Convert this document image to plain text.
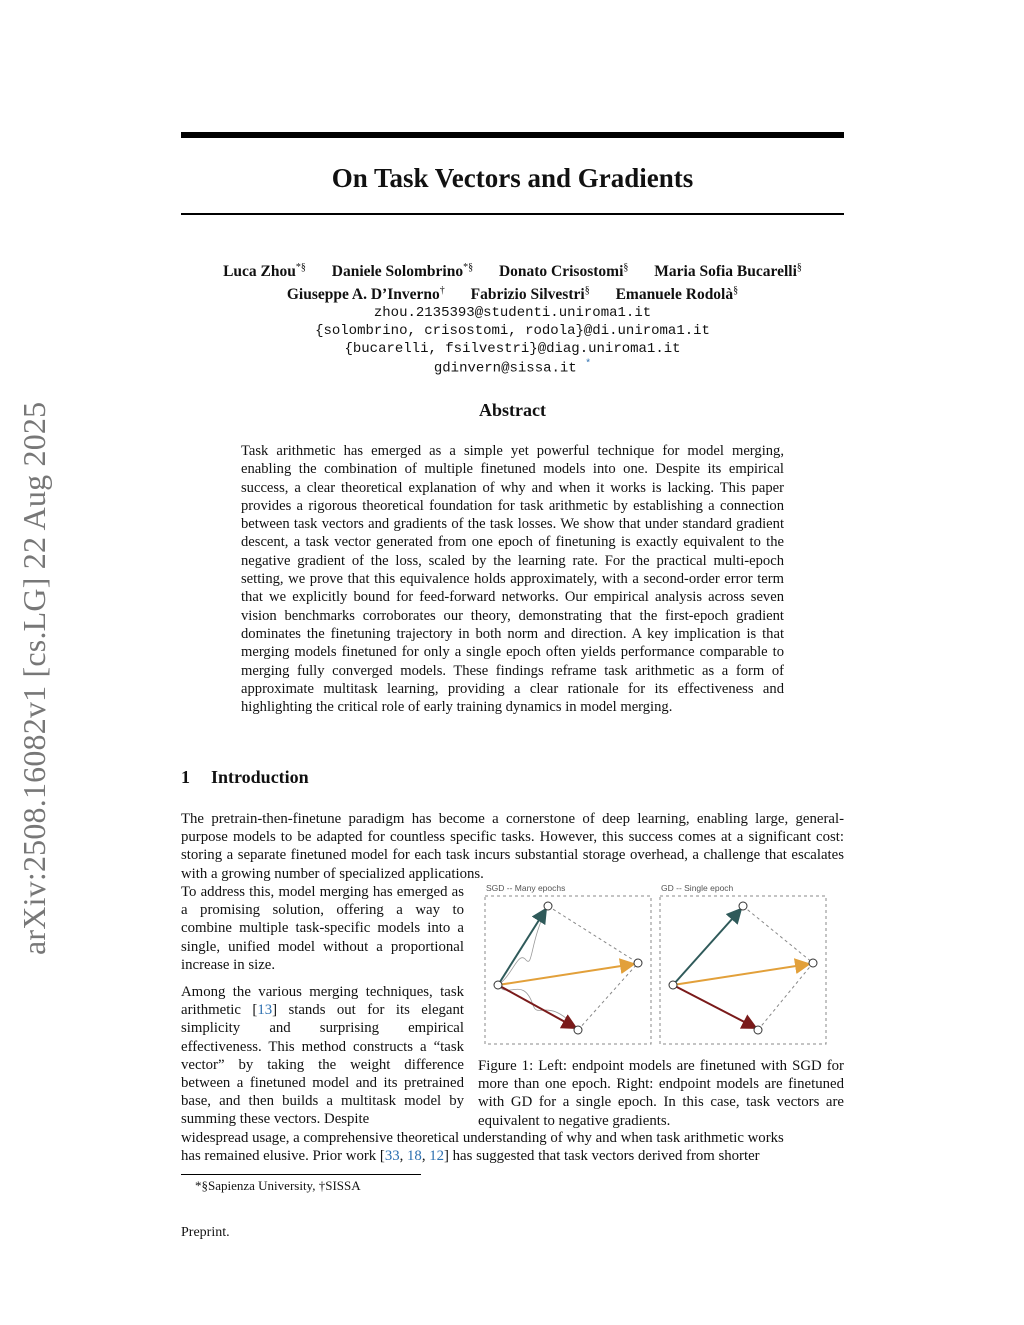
arXiv:2508.16082v1 [cs.LG] 22 Aug 2025
On Task Vectors and Gradients
Luca Zhou*§ Daniele Solombrino*§ Donato Crisostomi§ Maria Sofia Bucarelli§
Giuseppe A. D’Inverno† Fabrizio Silvestri§ Emanuele Rodolà§
zhou.2135393@studenti.uniroma1.it
{solombrino, crisostomi, rodola}@di.uniroma1.it
{bucarelli, fsilvestri}@diag.uniroma1.it
gdinvern@sissa.it *
Abstract
Task arithmetic has emerged as a simple yet powerful technique for model merging, enabling the combination of multiple finetuned models into one. Despite its empirical success, a clear theoretical explanation of why and when it works is lacking. This paper provides a rigorous theoretical foundation for task arithmetic by establishing a connection between task vectors and gradients of the task losses. We show that under standard gradient descent, a task vector generated from one epoch of finetuning is exactly equivalent to the negative gradient of the loss, scaled by the learning rate. For the practical multi-epoch setting, we prove that this equivalence holds approximately, with a second-order error term that we explicitly bound for feed-forward networks. Our empirical analysis across seven vision benchmarks corroborates our theory, demonstrating that the first-epoch gradient dominates the finetuning trajectory in both norm and direction. A key implication is that merging models finetuned for only a single epoch often yields performance comparable to merging fully converged models. These findings reframe task arithmetic as a form of approximate multitask learning, providing a clear rationale for its effectiveness and highlighting the critical role of early training dynamics in model merging.
1 Introduction
The pretrain-then-finetune paradigm has become a cornerstone of deep learning, enabling large, general-purpose models to be adapted for countless specific tasks. However, this success comes at a significant cost: storing a separate finetuned model for each task incurs substantial storage overhead, a challenge that escalates with a growing number of specialized applications.
To address this, model merging has emerged as a promising solution, offering a way to combine multiple task-specific models into a single, unified model without a proportional increase in size.
Among the various merging techniques, task arithmetic [13] stands out for its elegant simplicity and surprising empirical effectiveness. This method constructs a “task vector” by taking the weight difference between a finetuned model and its pretrained base, and then builds a multitask model by summing these vectors. Despite
widespread usage, a comprehensive theoretical understanding of why and when task arithmetic works
has remained elusive. Prior work [33, 18, 12] has suggested that task vectors derived from shorter
SGD -- Many epochs	GD -- Single epoch
Figure 1: Left: endpoint models are finetuned with SGD for more than one epoch. Right: endpoint models are finetuned with GD for a single epoch. In this case, task vectors are equivalent to negative gradients.
*§Sapienza University, †SISSA
Preprint.
